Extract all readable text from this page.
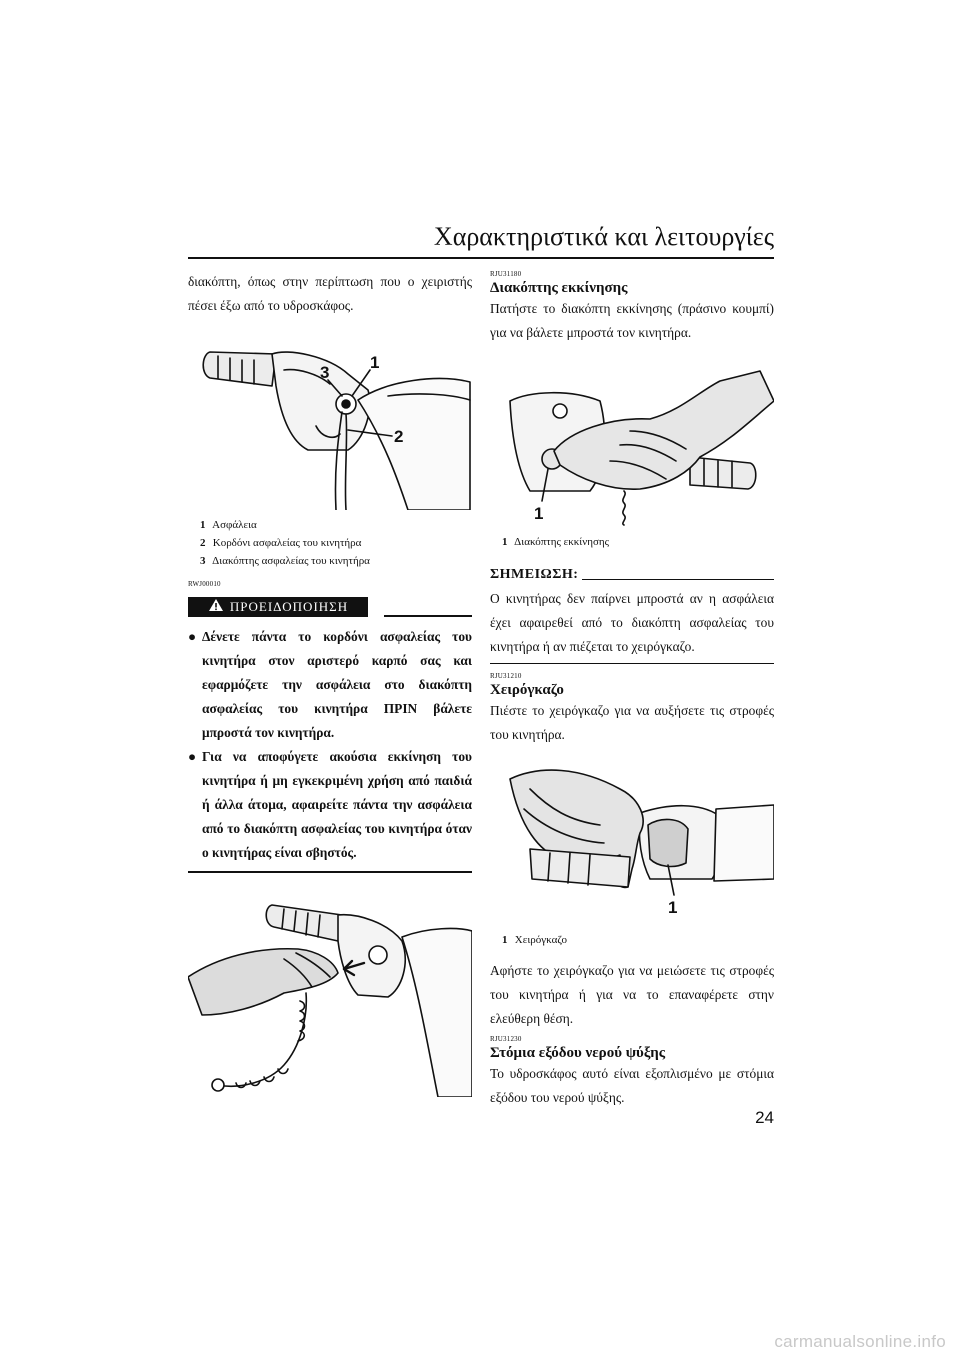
Χαρακτηριστικά και λειτουργίες

διακόπτη, όπως στην περίπτωση που ο χειριστής πέσει έξω από το υδροσκάφος.

3
1
2
1 Ασφάλεια
2 Κορδόνι ασφαλείας του κινητήρα
3 Διακόπτης ασφαλείας του κινητήρα
RWJ00010
ΠΡΟΕΙΔΟΠΟΙΗΣΗ
● Δένετε πάντα το κορδόνι ασφαλείας του κινητήρα στον αριστερό καρπό σας και εφαρμόζετε την ασφάλεια στο διακόπτη ασφαλείας του κινητήρα ΠΡΙΝ βάλετε μπροστά τον κινητήρα.
● Για να αποφύγετε ακούσια εκκίνηση του κινητήρα ή μη εγκεκριμένη χρήση από παιδιά ή άλλα άτομα, αφαιρείτε πάντα την ασφάλεια από το διακόπτη ασφαλείας του κινητήρα όταν ο κινητήρας είναι σβηστός.
RJU31180
Διακόπτης εκκίνησης

Πατήστε το διακόπτη εκκίνησης (πράσινο κουμπί) για να βάλετε μπροστά τον κινητήρα.

1
1 Διακόπτης εκκίνησης
ΣΗΜΕΙΩΣΗ:

Ο κινητήρας δεν παίρνει μπροστά αν η ασφάλεια έχει αφαιρεθεί από το διακόπτη ασφαλείας του κινητήρα ή αν πιέζεται το χειρόγκαζο.

RJU31210
Χειρόγκαζο

Πιέστε το χειρόγκαζο για να αυξήσετε τις στροφές του κινητήρα.

1
1 Χειρόγκαζο

Αφήστε το χειρόγκαζο για να μειώσετε τις στροφές του κινητήρα ή για να το επαναφέρετε στην ελεύθερη θέση.

RJU31230
Στόμια εξόδου νερού ψύξης

Το υδροσκάφος αυτό είναι εξοπλισμένο με στόμια εξόδου του νερού ψύξης.

24
carmanualsonline.info
